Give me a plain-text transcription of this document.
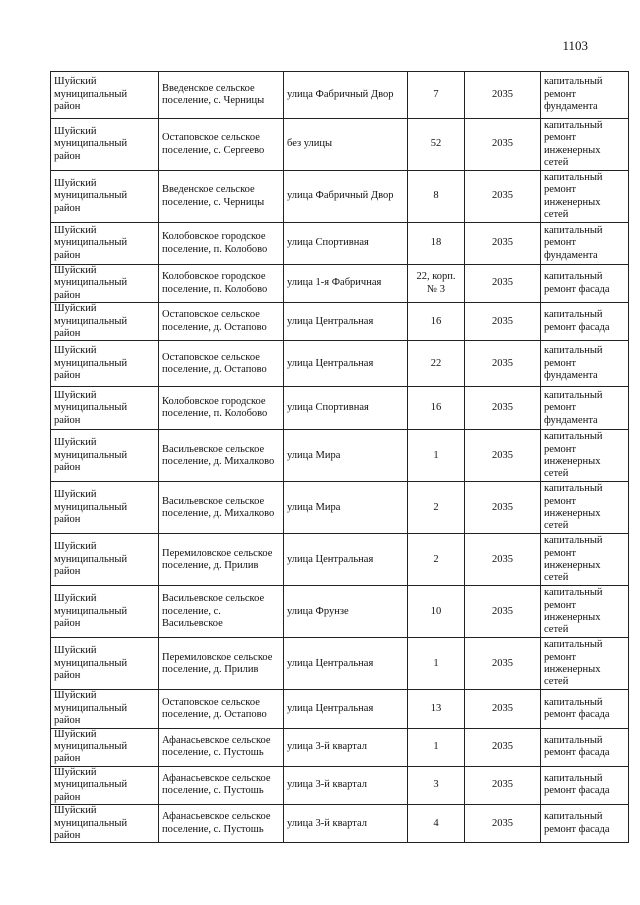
1103
Шуйский муниципальный район	Введенское сельское поселение, с. Черницы	улица Фабричный Двор	7	2035	капитальный ремонт фундамента
Шуйский муниципальный район	Остаповское сельское поселение, с. Сергеево	без улицы	52	2035	капитальный ремонт инженерных сетей
Шуйский муниципальный район	Введенское сельское поселение, с. Черницы	улица Фабричный Двор	8	2035	капитальный ремонт инженерных сетей
Шуйский муниципальный район	Колобовское городское поселение, п. Колобово	улица Спортивная	18	2035	капитальный ремонт фундамента
Шуйский муниципальный район	Колобовское городское поселение, п. Колобово	улица 1-я Фабричная	22, корп. № 3	2035	капитальный ремонт фасада
Шуйский муниципальный район	Остаповское сельское поселение, д. Остапово	улица Центральная	16	2035	капитальный ремонт фасада
Шуйский муниципальный район	Остаповское сельское поселение, д. Остапово	улица Центральная	22	2035	капитальный ремонт фундамента
Шуйский муниципальный район	Колобовское городское поселение, п. Колобово	улица Спортивная	16	2035	капитальный ремонт фундамента
Шуйский муниципальный район	Васильевское сельское поселение, д. Михалково	улица Мира	1	2035	капитальный ремонт инженерных сетей
Шуйский муниципальный район	Васильевское сельское поселение, д. Михалково	улица Мира	2	2035	капитальный ремонт инженерных сетей
Шуйский муниципальный район	Перемиловское сельское поселение, д. Прилив	улица Центральная	2	2035	капитальный ремонт инженерных сетей
Шуйский муниципальный район	Васильевское сельское поселение, с. Васильевское	улица Фрунзе	10	2035	капитальный ремонт инженерных сетей
Шуйский муниципальный район	Перемиловское сельское поселение, д. Прилив	улица Центральная	1	2035	капитальный ремонт инженерных сетей
Шуйский муниципальный район	Остаповское сельское поселение, д. Остапово	улица Центральная	13	2035	капитальный ремонт фасада
Шуйский муниципальный район	Афанасьевское сельское поселение, с. Пустошь	улица 3-й квартал	1	2035	капитальный ремонт фасада
Шуйский муниципальный район	Афанасьевское сельское поселение, с. Пустошь	улица 3-й квартал	3	2035	капитальный ремонт фасада
Шуйский муниципальный район	Афанасьевское сельское поселение, с. Пустошь	улица 3-й квартал	4	2035	капитальный ремонт фасада
